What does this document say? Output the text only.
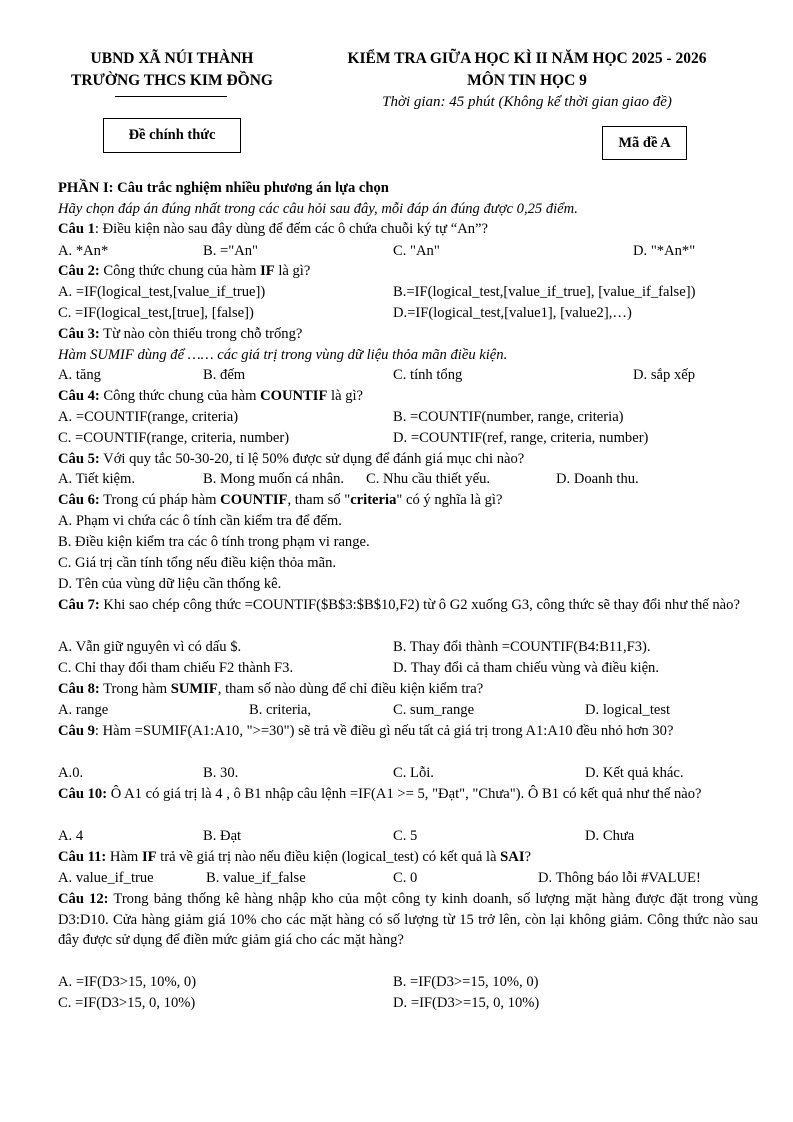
UBND XÃ NÚI THÀNH
TRƯỜNG THCS KIM ĐỒNG
KIỂM TRA GIỮA HỌC KÌ II NĂM HỌC 2025 - 2026
MÔN TIN HỌC 9
Thời gian: 45 phút (Không kể thời gian giao đề)
Đề chính thức	Mã đề A
PHẦN I: Câu trắc nghiệm nhiều phương án lựa chọn
Hãy chọn đáp án đúng nhất trong các câu hỏi sau đây, mỗi đáp án đúng được 0,25 điểm.
Câu 1: Điều kiện nào sau đây dùng để đếm các ô chứa chuỗi ký tự “An”?
A. *An*	B. ="An"	C. "An"	D. "*An*"
Câu 2: Công thức chung của hàm IF là gì?
A. =IF(logical_test,[value_if_true])	B.=IF(logical_test,[value_if_true], [value_if_false])
C. =IF(logical_test,[true], [false])	D.=IF(logical_test,[value1], [value2],…)
Câu 3: Từ nào còn thiếu trong chỗ trống?
Hàm SUMIF dùng để …… các giá trị trong vùng dữ liệu thỏa mãn điều kiện.
A. tăng	B. đếm	C. tính tổng	D. sắp xếp
Câu 4: Công thức chung của hàm COUNTIF là gì?
A. =COUNTIF(range, criteria)	B. =COUNTIF(number, range, criteria)
C. =COUNTIF(range, criteria, number)	D. =COUNTIF(ref, range, criteria, number)
Câu 5: Với quy tắc 50-30-20, tỉ lệ 50% được sử dụng để đánh giá mục chi nào?
A. Tiết kiệm.	B. Mong muốn cá nhân. C. Nhu cầu thiết yếu.	D. Doanh thu.
Câu 6: Trong cú pháp hàm COUNTIF, tham số "criteria" có ý nghĩa là gì?
A. Phạm vi chứa các ô tính cần kiểm tra để đếm.
B. Điều kiện kiểm tra các ô tính trong phạm vi range.
C. Giá trị cần tính tổng nếu điều kiện thỏa mãn.
D. Tên của vùng dữ liệu cần thống kê.
Câu 7: Khi sao chép công thức =COUNTIF($B$3:$B$10,F2) từ ô G2 xuống G3, công thức sẽ thay đổi như thế nào?
A. Vẫn giữ nguyên vì có dấu $.	B. Thay đổi thành =COUNTIF(B4:B11,F3).
C. Chỉ thay đổi tham chiếu F2 thành F3.	D. Thay đổi cả tham chiếu vùng và điều kiện.
Câu 8: Trong hàm SUMIF, tham số nào dùng để chỉ điều kiện kiểm tra?
A. range	B. criteria,	C. sum_range	D. logical_test
Câu 9: Hàm =SUMIF(A1:A10, ">=30") sẽ trả về điều gì nếu tất cả giá trị trong A1:A10 đều nhỏ hơn 30?
A.0.	B. 30.	C. Lỗi.	D. Kết quả khác.
Câu 10: Ô A1 có giá trị là 4 , ô B1 nhập câu lệnh =IF(A1 >= 5, "Đạt", "Chưa"). Ô B1 có kết quả như thế nào?
A. 4	B. Đạt	C. 5	D. Chưa
Câu 11: Hàm IF trả về giá trị nào nếu điều kiện (logical_test) có kết quả là SAI?
A. value_if_true	B. value_if_false	C. 0	D. Thông báo lỗi #VALUE!
Câu 12: Trong bảng thống kê hàng nhập kho của một công ty kinh doanh, số lượng mặt hàng được đặt trong vùng D3:D10. Cửa hàng giảm giá 10% cho các mặt hàng có số lượng từ 15 trở lên, còn lại không giảm. Công thức nào sau đây được sử dụng để điền mức giảm giá cho các mặt hàng?
A. =IF(D3>15, 10%, 0)	B. =IF(D3>=15, 10%, 0)
C. =IF(D3>15, 0, 10%)	D. =IF(D3>=15, 0, 10%)
